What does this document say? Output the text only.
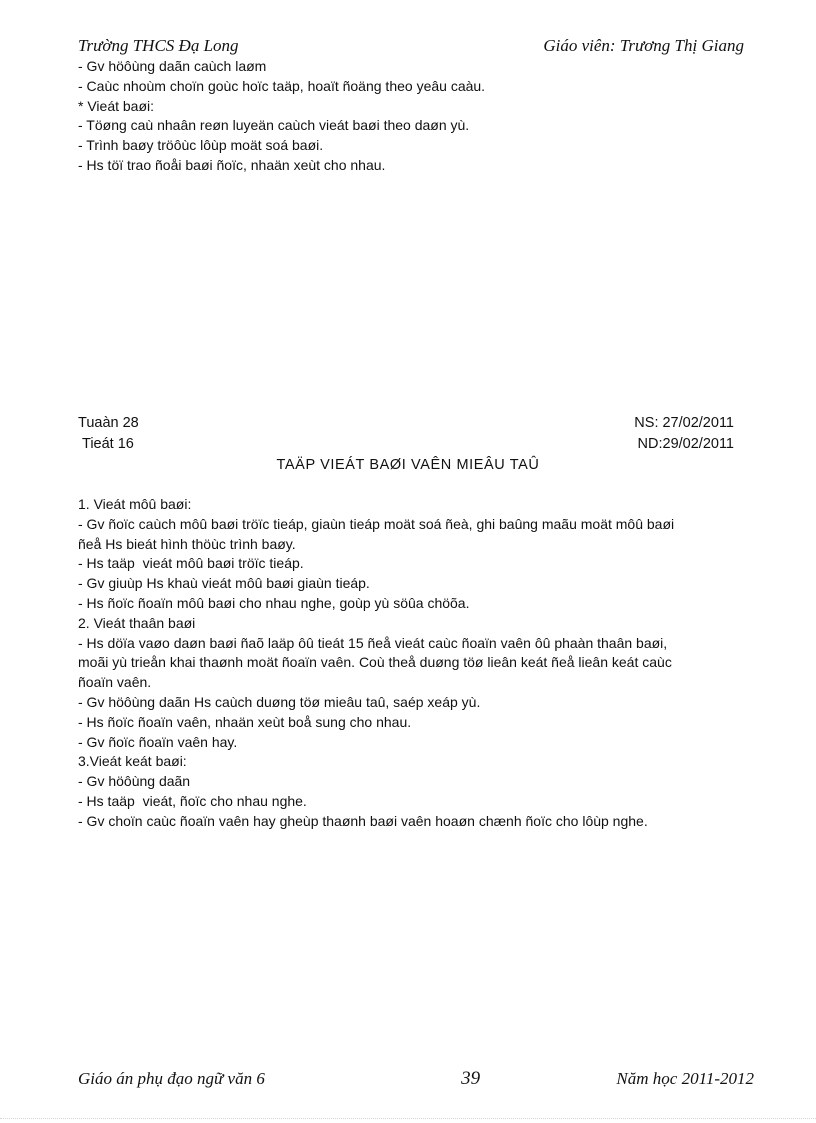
Trường THCS Đạ Long	Giáo viên: Trương Thị Giang
- Gv höôùng daãn caùch laøm
- Caùc nhoùm choïn goùc hoïc taäp, hoaït ñoäng theo yeâu caàu.
* Vieát baøi:
- Töøng caù nhaân reøn luyeän caùch vieát baøi theo daøn yù.
- Trình baøy tröôùc lôùp moät soá baøi.
- Hs töï trao ñoåi baøi ñoïc, nhaän xeùt cho nhau.
Tuaàn 28	NS: 27/02/2011
Tieát 16	ND:29/02/2011
TAÄP VIEÁT BAØI VAÊN MIEÂU TAÛ
1. Vieát môû baøi:
- Gv ñoïc caùch môû baøi tröïc tieáp, giaùn tieáp moät soá ñeà, ghi baûng maãu moät môû baøi
ñeå Hs bieát hình thöùc trình baøy.
- Hs taäp  vieát môû baøi tröïc tieáp.
- Gv giuùp Hs khaù vieát môû baøi giaùn tieáp.
- Hs ñoïc ñoaïn môû baøi cho nhau nghe, goùp yù söûa chöõa.
2. Vieát thaân baøi
- Hs döïa vaøo daøn baøi ñaõ laäp ôû tieát 15 ñeå vieát caùc ñoaïn vaên ôû phaàn thaân baøi,
moãi yù trieån khai thaønh moät ñoaïn vaên. Coù theå duøng töø lieân keát ñeå lieân keát caùc
ñoaïn vaên.
- Gv höôùng daãn Hs caùch duøng töø mieâu taû, saép xeáp yù.
- Hs ñoïc ñoaïn vaên, nhaän xeùt boå sung cho nhau.
- Gv ñoïc ñoaïn vaên hay.
3.Vieát keát baøi:
- Gv höôùng daãn
- Hs taäp  vieát, ñoïc cho nhau nghe.
- Gv choïn caùc ñoaïn vaên hay gheùp thaønh baøi vaên hoaøn chænh ñoïc cho lôùp nghe.
Giáo án phụ đạo ngữ văn 6	39	Năm học 2011-2012
